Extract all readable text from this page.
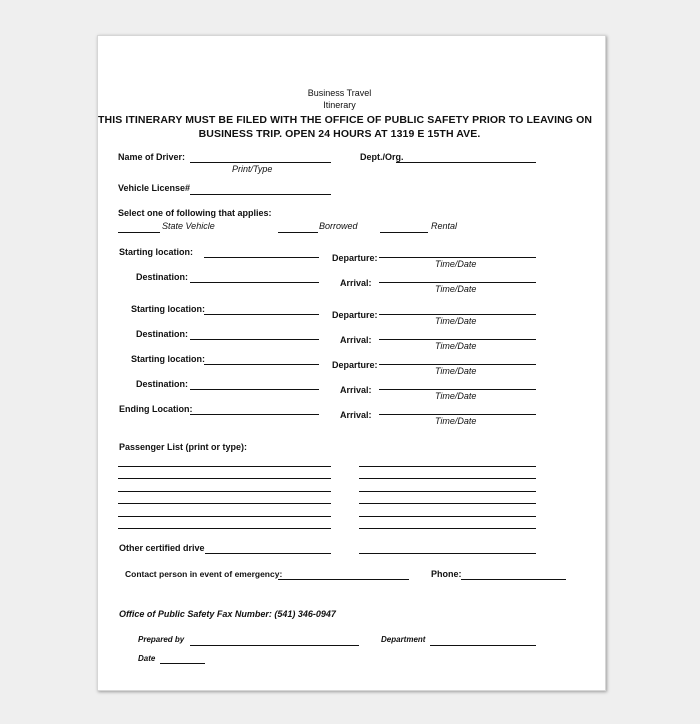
Business Travel
Itinerary
THIS ITINERARY MUST BE FILED WITH THE OFFICE OF PUBLIC SAFETY PRIOR TO LEAVING ON
BUSINESS TRIP. OPEN 24 HOURS AT 1319 E 15TH AVE.
Name of Driver:
Print/Type
Dept./Org.
Vehicle License#
Select one of following that applies:
State Vehicle	Borrowed	Rental
Starting location:
Departure:
Time/Date
Destination:
Arrival:
Time/Date
Starting location:
Departure:
Time/Date
Destination:
Arrival:
Time/Date
Starting location:
Departure:
Time/Date
Destination:
Arrival:
Time/Date
Ending Location:
Arrival:
Time/Date
Passenger List (print or type):
Other certified drive
Contact person in event of emergency:	Phone:
Office of Public Safety Fax Number: (541) 346-0947
Prepared by	Department
Date
